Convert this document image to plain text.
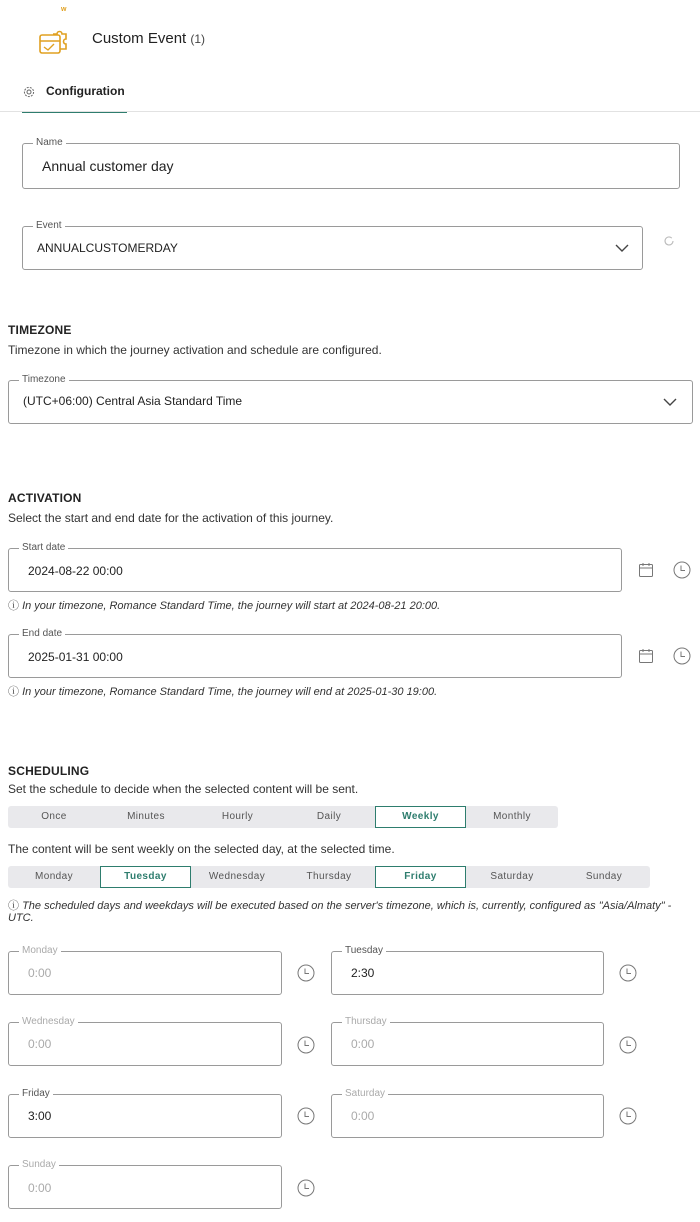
w
Custom Event (1)
Configuration
Name
Annual customer day
Event
ANNUALCUSTOMERDAY
TIMEZONE
Timezone in which the journey activation and schedule are configured.
Timezone
(UTC+06:00) Central Asia Standard Time
ACTIVATION
Select the start and end date for the activation of this journey.
Start date
2024-08-22 00:00
ⓘ In your timezone, Romance Standard Time, the journey will start at 2024-08-21 20:00.
End date
2025-01-31 00:00
ⓘ In your timezone, Romance Standard Time, the journey will end at 2025-01-30 19:00.
SCHEDULING
Set the schedule to decide when the selected content will be sent.
Once	Minutes	Hourly	Daily	Weekly	Monthly
The content will be sent weekly on the selected day, at the selected time.
Monday	Tuesday	Wednesday	Thursday	Friday	Saturday	Sunday
ⓘ The scheduled days and weekdays will be executed based on the server's timezone, which is, currently, configured as "Asia/Almaty" - UTC.
Monday
0:00
Tuesday
2:30
Wednesday
0:00
Thursday
0:00
Friday
3:00
Saturday
0:00
Sunday
0:00
